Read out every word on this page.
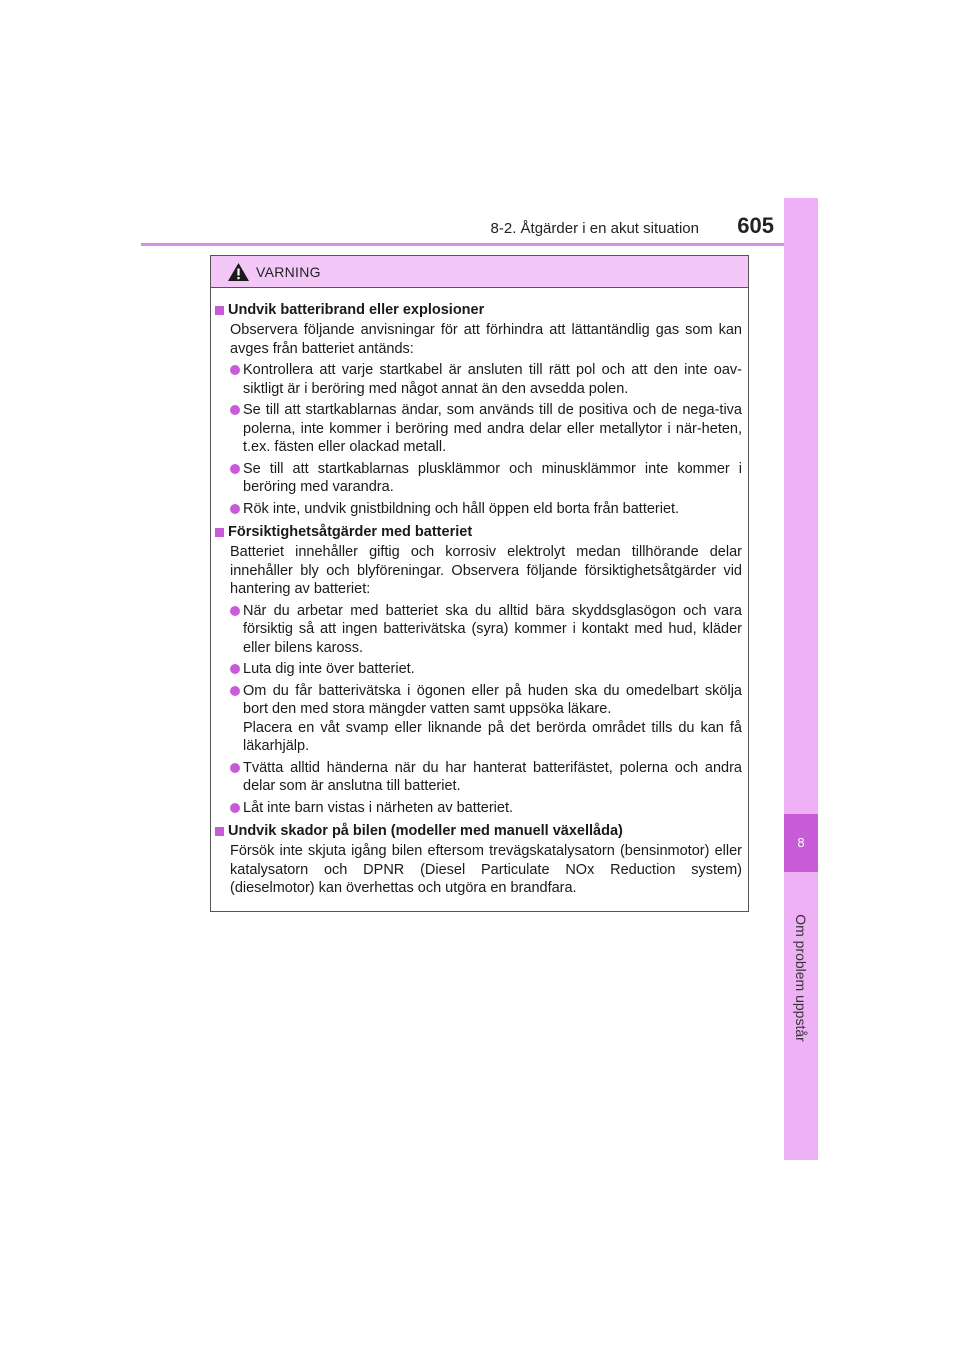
8-2. Åtgärder i en akut situation	605
8
Om problem uppstår
VARNING
Undvik batteribrand eller explosioner
Observera följande anvisningar för att förhindra att lättantändlig gas som kan avges från batteriet antänds:
Kontrollera att varje startkabel är ansluten till rätt pol och att den inte oav-siktligt är i beröring med något annat än den avsedda polen.
Se till att startkablarnas ändar, som används till de positiva och de nega-tiva polerna, inte kommer i beröring med andra delar eller metallytor i när-heten, t.ex. fästen eller olackad metall.
Se till att startkablarnas plusklämmor och minusklämmor inte kommer i beröring med varandra.
Rök inte, undvik gnistbildning och håll öppen eld borta från batteriet.
Försiktighetsåtgärder med batteriet
Batteriet innehåller giftig och korrosiv elektrolyt medan tillhörande delar innehåller bly och blyföreningar. Observera följande försiktighetsåtgärder vid hantering av batteriet:
När du arbetar med batteriet ska du alltid bära skyddsglasögon och vara försiktig så att ingen batterivätska (syra) kommer i kontakt med hud, kläder eller bilens kaross.
Luta dig inte över batteriet.
Om du får batterivätska i ögonen eller på huden ska du omedelbart skölja bort den med stora mängder vatten samt uppsöka läkare.
Placera en våt svamp eller liknande på det berörda området tills du kan få läkarhjälp.
Tvätta alltid händerna när du har hanterat batterifästet, polerna och andra delar som är anslutna till batteriet.
Låt inte barn vistas i närheten av batteriet.
Undvik skador på bilen (modeller med manuell växellåda)
Försök inte skjuta igång bilen eftersom trevägskatalysatorn (bensinmotor) eller katalysatorn och DPNR (Diesel Particulate NOx Reduction system) (dieselmotor) kan överhettas och utgöra en brandfara.
